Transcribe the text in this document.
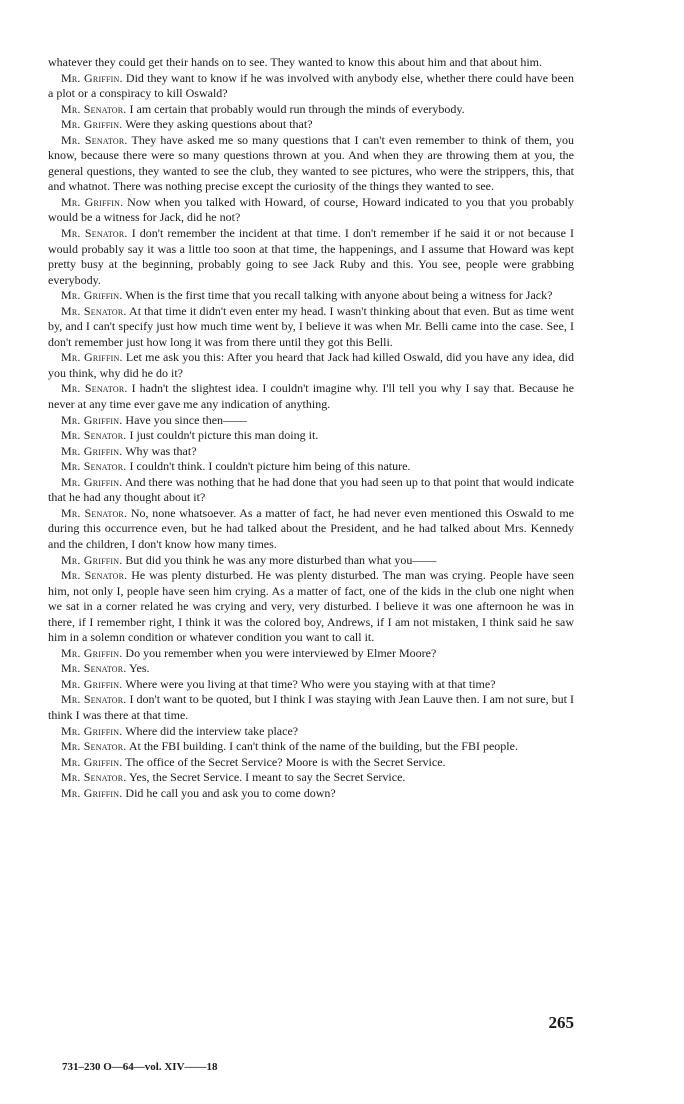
whatever they could get their hands on to see. They wanted to know this about him and that about him.

Mr. Griffin. Did they want to know if he was involved with anybody else, whether there could have been a plot or a conspiracy to kill Oswald?

Mr. Senator. I am certain that probably would run through the minds of everybody.

Mr. Griffin. Were they asking questions about that?

Mr. Senator. They have asked me so many questions that I can't even remember to think of them, you know, because there were so many questions thrown at you. And when they are throwing them at you, the general questions, they wanted to see the club, they wanted to see pictures, who were the strippers, this, that and whatnot. There was nothing precise except the curiosity of the things they wanted to see.

Mr. Griffin. Now when you talked with Howard, of course, Howard indicated to you that you probably would be a witness for Jack, did he not?

Mr. Senator. I don't remember the incident at that time. I don't remember if he said it or not because I would probably say it was a little too soon at that time, the happenings, and I assume that Howard was kept pretty busy at the beginning, probably going to see Jack Ruby and this. You see, people were grabbing everybody.

Mr. Griffin. When is the first time that you recall talking with anyone about being a witness for Jack?

Mr. Senator. At that time it didn't even enter my head. I wasn't thinking about that even. But as time went by, and I can't specify just how much time went by, I believe it was when Mr. Belli came into the case. See, I don't remember just how long it was from there until they got this Belli.

Mr. Griffin. Let me ask you this: After you heard that Jack had killed Oswald, did you have any idea, did you think, why did he do it?

Mr. Senator. I hadn't the slightest idea. I couldn't imagine why. I'll tell you why I say that. Because he never at any time ever gave me any indication of anything.

Mr. Griffin. Have you since then——

Mr. Senator. I just couldn't picture this man doing it.

Mr. Griffin. Why was that?

Mr. Senator. I couldn't think. I couldn't picture him being of this nature.

Mr. Griffin. And there was nothing that he had done that you had seen up to that point that would indicate that he had any thought about it?

Mr. Senator. No, none whatsoever. As a matter of fact, he had never even mentioned this Oswald to me during this occurrence even, but he had talked about the President, and he had talked about Mrs. Kennedy and the children, I don't know how many times.

Mr. Griffin. But did you think he was any more disturbed than what you——

Mr. Senator. He was plenty disturbed. He was plenty disturbed. The man was crying. People have seen him, not only I, people have seen him crying. As a matter of fact, one of the kids in the club one night when we sat in a corner related he was crying and very, very disturbed. I believe it was one afternoon he was in there, if I remember right, I think it was the colored boy, Andrews, if I am not mistaken, I think said he saw him in a solemn condition or whatever condition you want to call it.

Mr. Griffin. Do you remember when you were interviewed by Elmer Moore?

Mr. Senator. Yes.

Mr. Griffin. Where were you living at that time? Who were you staying with at that time?

Mr. Senator. I don't want to be quoted, but I think I was staying with Jean Lauve then. I am not sure, but I think I was there at that time.

Mr. Griffin. Where did the interview take place?

Mr. Senator. At the FBI building. I can't think of the name of the building, but the FBI people.

Mr. Griffin. The office of the Secret Service? Moore is with the Secret Service.

Mr. Senator. Yes, the Secret Service. I meant to say the Secret Service.

Mr. Griffin. Did he call you and ask you to come down?

265
731–230 O—64—vol. XIV——18
